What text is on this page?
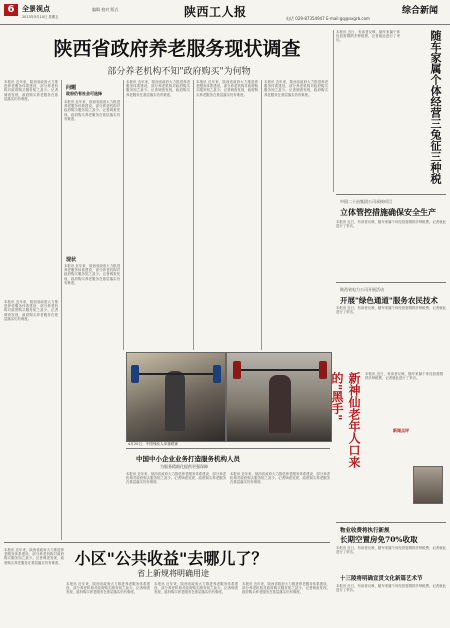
6	全景视点
2013年5月10日 星期五
编辑 校对 版式	陕西工人报	综合新闻
电话 029-87354947 E-mail:gq@sxgrb.com
陕西省政府养老服务现状调查
部分养老机构不知"政府购买"为何物

本报讯 近年来，陕西省政府大力推进养老服务体系建设，部分养老机构对政府购买服务知之甚少。记者调查发现，政府购买养老服务在基层落实仍有难度。

本报讯 近年来，陕西省政府大力推进养老服务体系建设，部分养老机构对政府购买服务知之甚少。记者调查发现，政府购买养老服务在基层落实仍有难度。

问题
政府仍有社会可选择

本报讯 近年来，陕西省政府大力推进养老服务体系建设，部分养老机构对政府购买服务知之甚少。记者调查发现，政府购买养老服务在基层落实仍有难度。

现状

本报讯 近年来，陕西省政府大力推进养老服务体系建设，部分养老机构对政府购买服务知之甚少。记者调查发现，政府购买养老服务在基层落实仍有难度。

本报讯 近年来，陕西省政府大力推进养老服务体系建设，部分养老机构对政府购买服务知之甚少。记者调查发现，政府购买养老服务在基层落实仍有难度。

本报讯 近年来，陕西省政府大力推进养老服务体系建设，部分养老机构对政府购买服务知之甚少。记者调查发现，政府购买养老服务在基层落实仍有难度。

本报讯 近年来，陕西省政府大力推进养老服务体系建设，部分养老机构对政府购买服务知之甚少。记者调查发现，政府购买养老服务在基层落实仍有难度。

本报讯 近日，有读者反映，随车家属个体经营需缴纳多种税费，记者就此进行了采访。	随车家属个体经营三兔征三种税
中国二十冶集团公司承接项目
立体管控措施确保安全生产

本报讯 近日，有读者反映，随车家属个体经营需缴纳多种税费，记者就此进行了采访。

陕西省电力公司开展活动
开展"绿色通道"服务农民技术

本报讯 近日，有读者反映，随车家属个体经营需缴纳多种税费，记者就此进行了采访。

4月20日，中国残疾人举重联赛	新神仙老年人口来的"黑手"	本报讯 近日，有读者反映，随车家属个体经营需缴纳多种税费，记者就此进行了采访。

新闻点评
中国中小企业业务打造服务机构人员
为服务精细化提供更强保障

本报讯 近年来，陕西省政府大力推进养老服务体系建设，部分养老机构对政府购买服务知之甚少。记者调查发现，政府购买养老服务在基层落实仍有难度。

本报讯 近年来，陕西省政府大力推进养老服务体系建设，部分养老机构对政府购买服务知之甚少。记者调查发现，政府购买养老服务在基层落实仍有难度。

物业收费将执行新规
长期空置房免70%收取

本报讯 近日，有读者反映，随车家属个体经营需缴纳多种税费，记者就此进行了采访。

十三陵将明确宣贯文化新篇艺术节

本报讯 近日，有读者反映，随车家属个体经营需缴纳多种税费，记者就此进行了采访。

小区"公共收益"去哪儿了？
省上新规将明确用途

本报讯 近年来，陕西省政府大力推进养老服务体系建设，部分养老机构对政府购买服务知之甚少。记者调查发现，政府购买养老服务在基层落实仍有难度。

本报讯 近年来，陕西省政府大力推进养老服务体系建设，部分养老机构对政府购买服务知之甚少。记者调查发现，政府购买养老服务在基层落实仍有难度。

本报讯 近年来，陕西省政府大力推进养老服务体系建设，部分养老机构对政府购买服务知之甚少。记者调查发现，政府购买养老服务在基层落实仍有难度。

本报讯 近年来，陕西省政府大力推进养老服务体系建设，部分养老机构对政府购买服务知之甚少。记者调查发现，政府购买养老服务在基层落实仍有难度。
